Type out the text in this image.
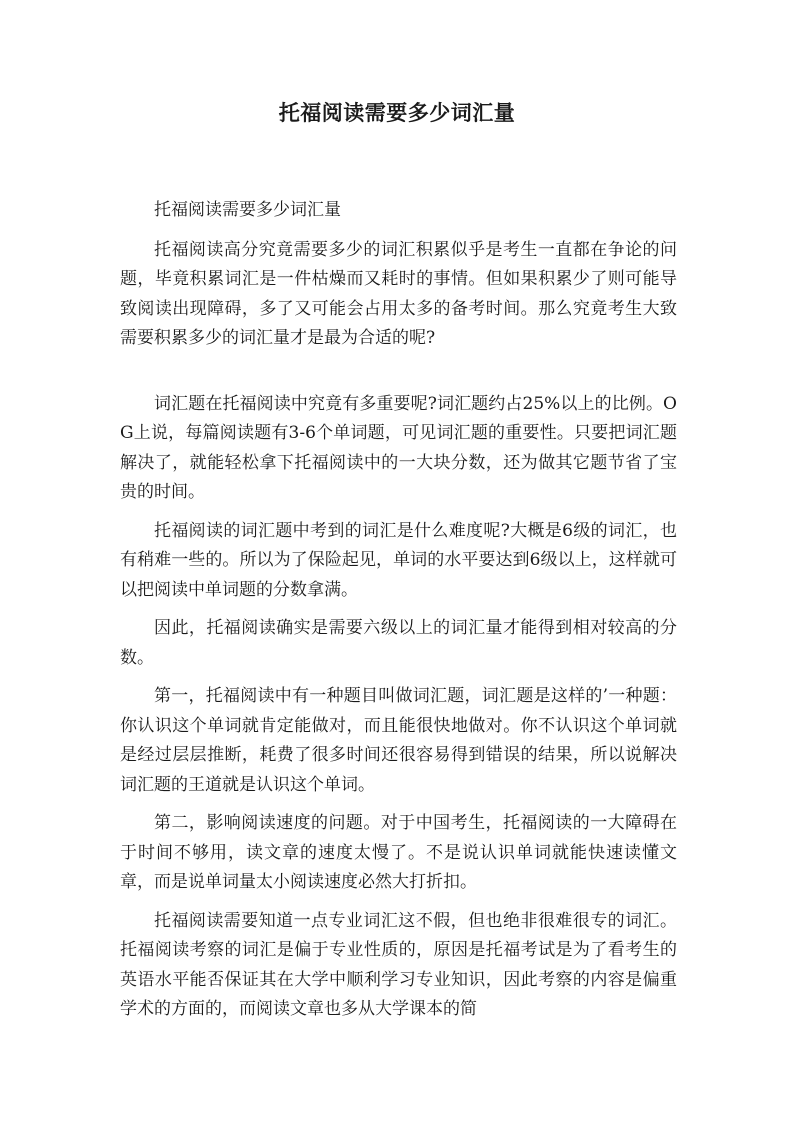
托福阅读需要多少词汇量

托福阅读需要多少词汇量

托福阅读高分究竟需要多少的词汇积累似乎是考生一直都在争论的问题，毕竟积累词汇是一件枯燥而又耗时的事情。但如果积累少了则可能导致阅读出现障碍，多了又可能会占用太多的备考时间。那么究竟考生大致需要积累多少的词汇量才是最为合适的呢?

词汇题在托福阅读中究竟有多重要呢?词汇题约占25%以上的比例。OG上说，每篇阅读题有3-6个单词题，可见词汇题的重要性。只要把词汇题解决了，就能轻松拿下托福阅读中的一大块分数，还为做其它题节省了宝贵的时间。

托福阅读的词汇题中考到的词汇是什么难度呢?大概是6级的词汇，也有稍难一些的。所以为了保险起见，单词的水平要达到6级以上，这样就可以把阅读中单词题的分数拿满。

因此，托福阅读确实是需要六级以上的词汇量才能得到相对较高的分数。

第一，托福阅读中有一种题目叫做词汇题，词汇题是这样的’一种题：你认识这个单词就肯定能做对，而且能很快地做对。你不认识这个单词就是经过层层推断，耗费了很多时间还很容易得到错误的结果，所以说解决词汇题的王道就是认识这个单词。

第二，影响阅读速度的问题。对于中国考生，托福阅读的一大障碍在于时间不够用，读文章的速度太慢了。不是说认识单词就能快速读懂文章，而是说单词量太小阅读速度必然大打折扣。

托福阅读需要知道一点专业词汇这不假，但也绝非很难很专的词汇。托福阅读考察的词汇是偏于专业性质的，原因是托福考试是为了看考生的英语水平能否保证其在大学中顺利学习专业知识，因此考察的内容是偏重学术的方面的，而阅读文章也多从大学课本的简
